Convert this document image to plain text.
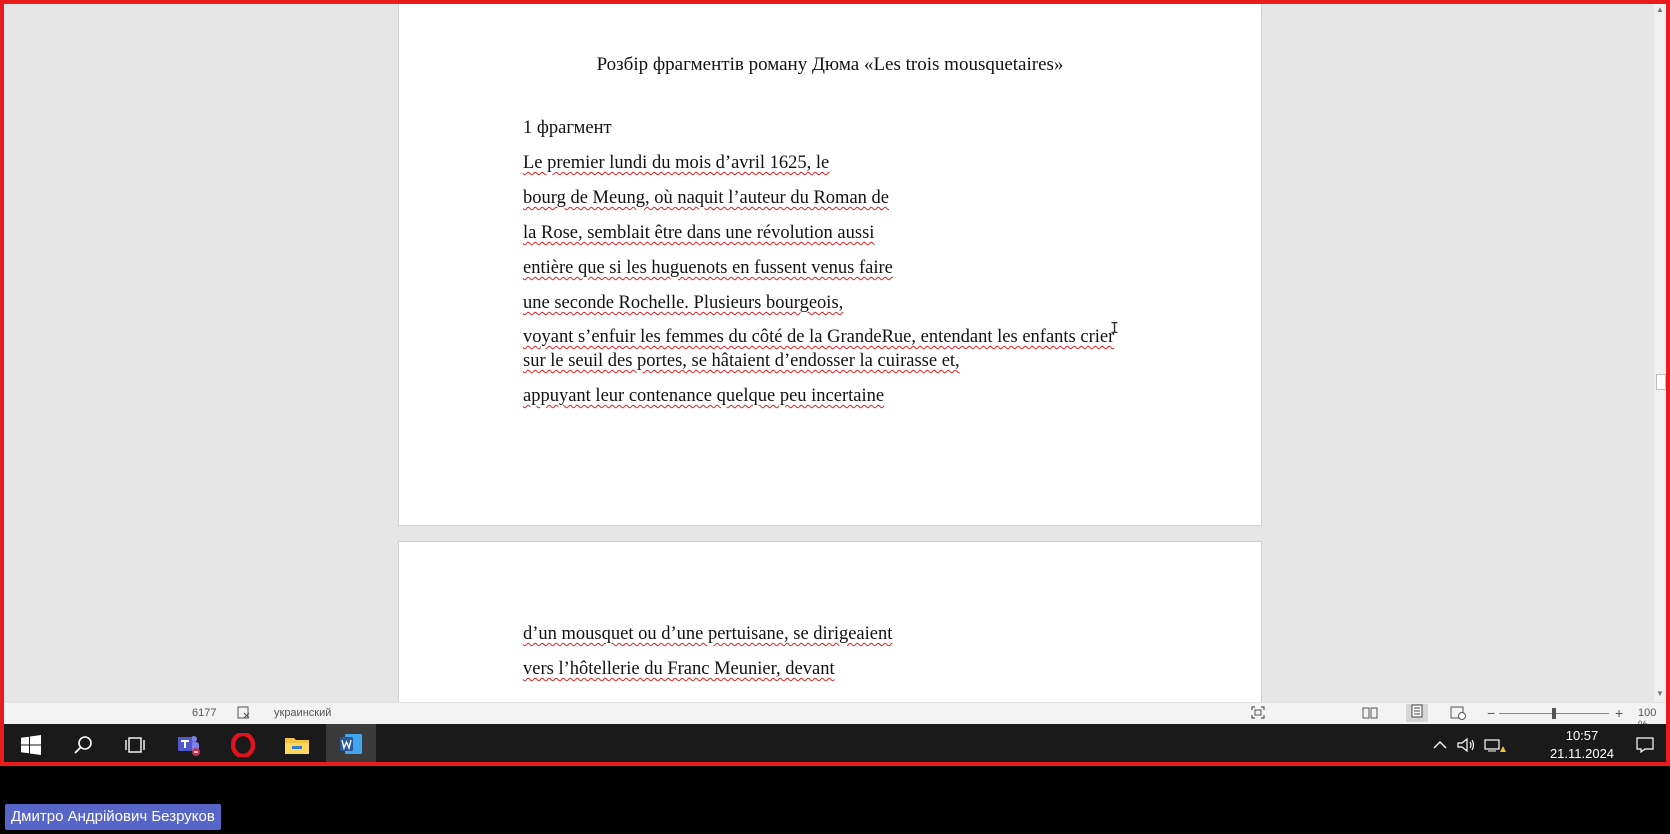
Розбір фрагментів роману Дюма «Les trois mousquetaires»
1 фрагмент
Le premier lundi du mois d’avril 1625, le
bourg de Meung, où naquit l’auteur du Roman de
la Rose, semblait être dans une révolution aussi
entière que si les huguenots en fussent venus faire
une seconde Rochelle. Plusieurs bourgeois,
voyant s’enfuir les femmes du côté de la GrandeRue, entendant les enfants crier
sur le seuil des portes, se hâtaient d’endosser la cuirasse et,
appuyant leur contenance quelque peu incertaine
d’un mousquet ou d’une pertuisane, se dirigeaient
vers l’hôtellerie du Franc Meunier, devant
I
▲
▼
6177	украинский	−	+ 100
10:57
21.11.2024
Дмитро Андрійович Безруков
